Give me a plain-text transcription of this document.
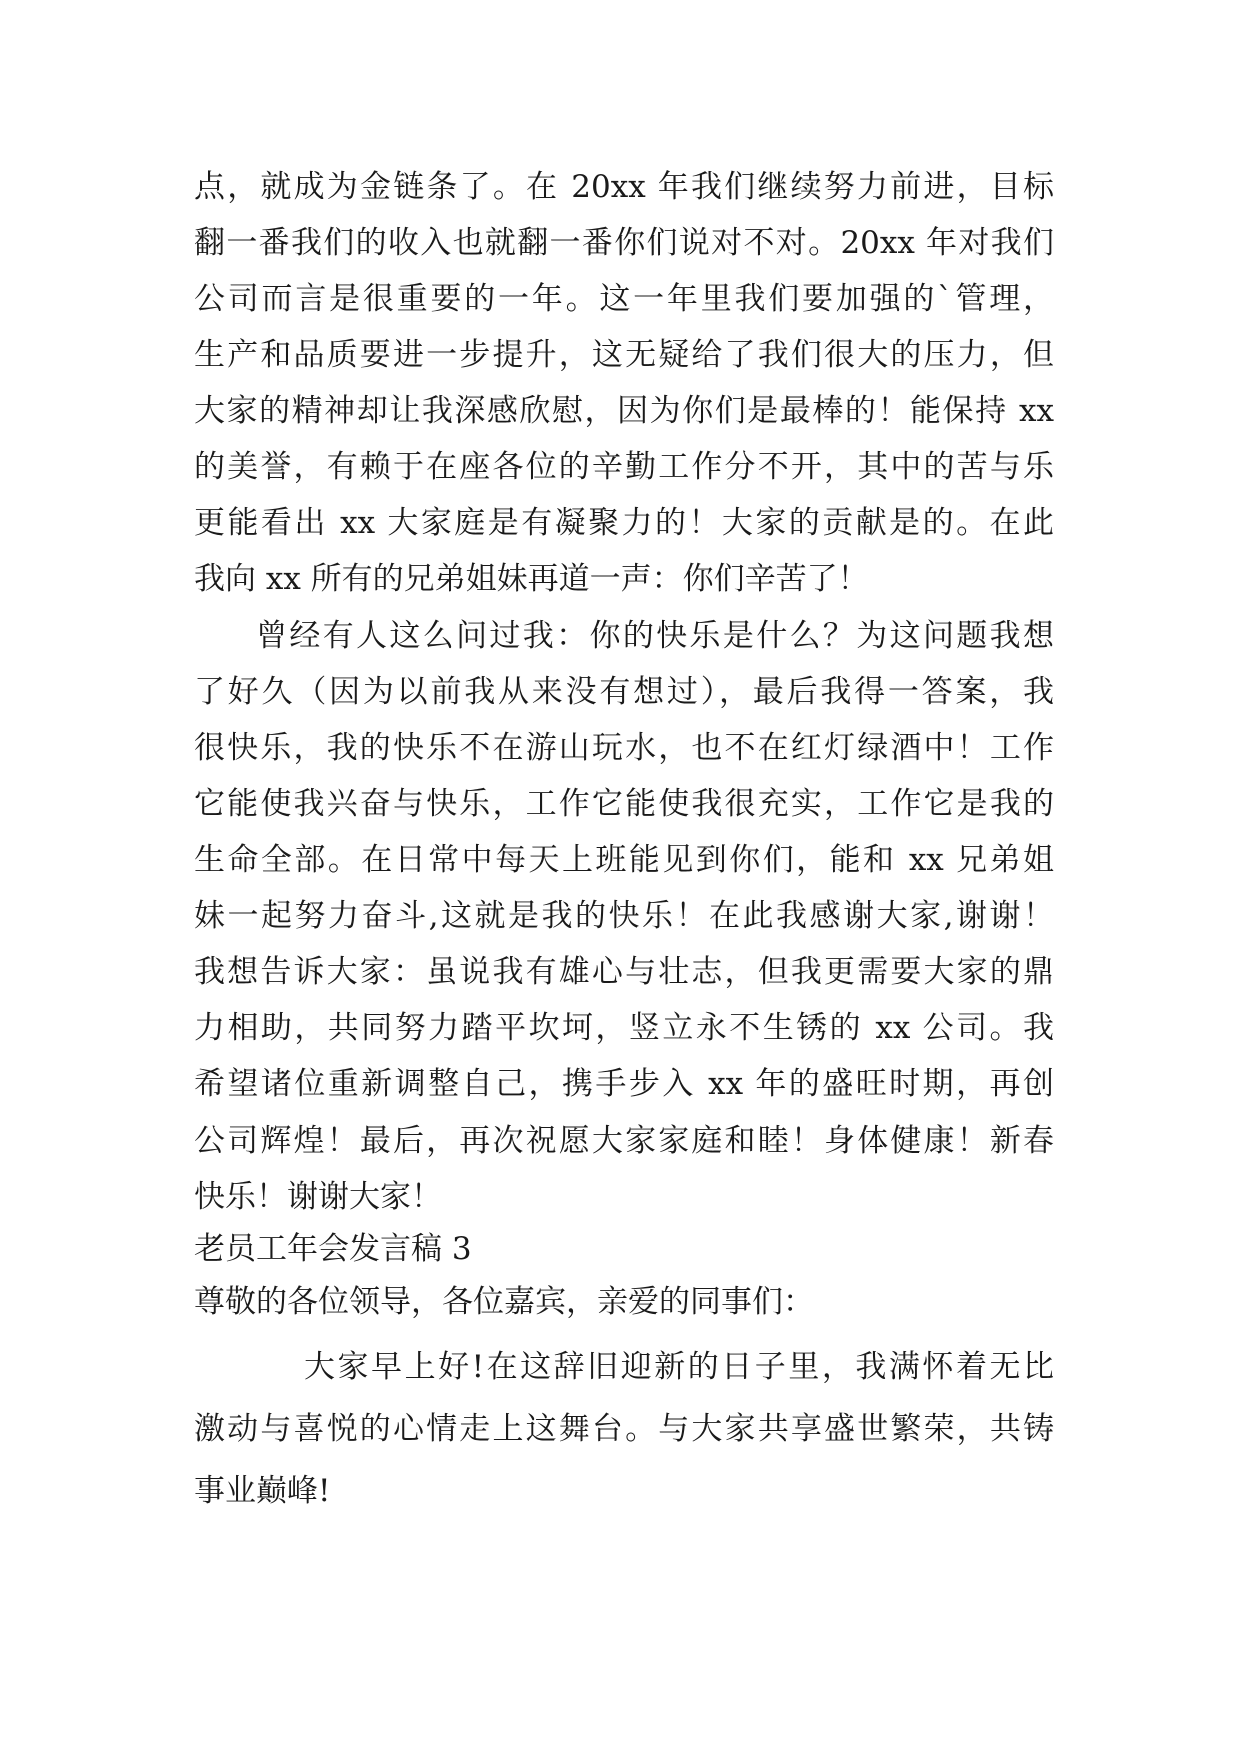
点，就成为金链条了。在 20xx 年我们继续努力前进，目标
翻一番我们的收入也就翻一番你们说对不对。20xx 年对我们
公司而言是很重要的一年。这一年里我们要加强的`管理，
生产和品质要进一步提升，这无疑给了我们很大的压力，但
大家的精神却让我深感欣慰，因为你们是最棒的！能保持 xx
的美誉，有赖于在座各位的辛勤工作分不开，其中的苦与乐
更能看出 xx 大家庭是有凝聚力的！大家的贡献是的。在此
我向 xx 所有的兄弟姐妹再道一声：你们辛苦了！
曾经有人这么问过我：你的快乐是什么？为这问题我想
了好久（因为以前我从来没有想过），最后我得一答案，我
很快乐，我的快乐不在游山玩水，也不在红灯绿酒中！工作
它能使我兴奋与快乐，工作它能使我很充实，工作它是我的
生命全部。在日常中每天上班能见到你们，能和 xx 兄弟姐
妹一起努力奋斗,这就是我的快乐！在此我感谢大家,谢谢！
我想告诉大家：虽说我有雄心与壮志，但我更需要大家的鼎
力相助，共同努力踏平坎坷，竖立永不生锈的 xx 公司。我
希望诸位重新调整自己，携手步入 xx 年的盛旺时期，再创
公司辉煌！最后，再次祝愿大家家庭和睦！身体健康！新春
快乐！谢谢大家！
老员工年会发言稿 3
尊敬的各位领导，各位嘉宾，亲爱的同事们：
大家早上好!在这辞旧迎新的日子里，我满怀着无比
激动与喜悦的心情走上这舞台。与大家共享盛世繁荣，共铸
事业巅峰!
